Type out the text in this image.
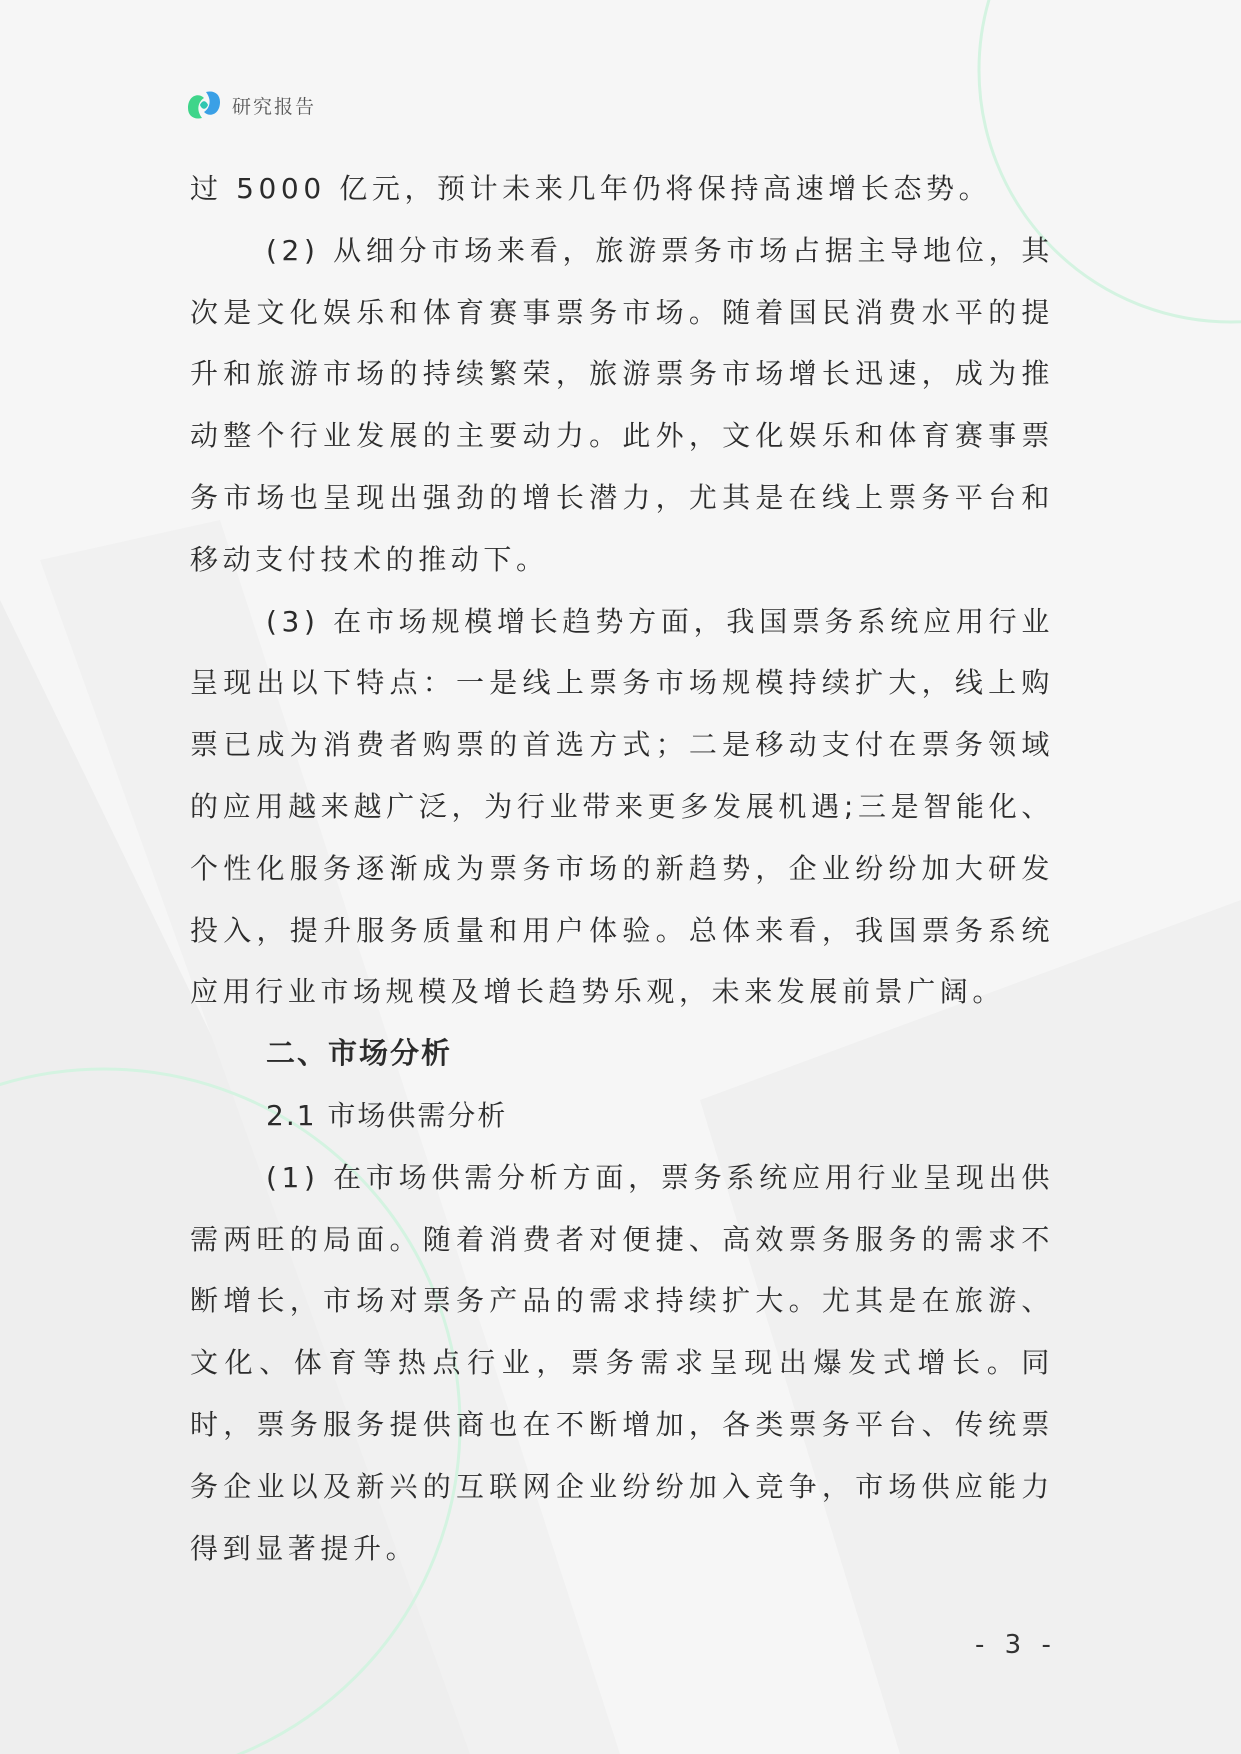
研究报告

过 5000 亿元，预计未来几年仍将保持高速增长态势。

(2) 从细分市场来看，旅游票务市场占据主导地位，其次是文化娱乐和体育赛事票务市场。随着国民消费水平的提升和旅游市场的持续繁荣，旅游票务市场增长迅速，成为推动整个行业发展的主要动力。此外，文化娱乐和体育赛事票务市场也呈现出强劲的增长潜力，尤其是在线上票务平台和移动支付技术的推动下。

(3) 在市场规模增长趋势方面，我国票务系统应用行业呈现出以下特点：一是线上票务市场规模持续扩大，线上购票已成为消费者购票的首选方式；二是移动支付在票务领域的应用越来越广泛，为行业带来更多发展机遇;三是智能化、个性化服务逐渐成为票务市场的新趋势，企业纷纷加大研发投入，提升服务质量和用户体验。总体来看，我国票务系统应用行业市场规模及增长趋势乐观，未来发展前景广阔。

二、市场分析

2.1 市场供需分析

(1) 在市场供需分析方面，票务系统应用行业呈现出供需两旺的局面。随着消费者对便捷、高效票务服务的需求不断增长，市场对票务产品的需求持续扩大。尤其是在旅游、文化、体育等热点行业，票务需求呈现出爆发式增长。同时，票务服务提供商也在不断增加，各类票务平台、传统票务企业以及新兴的互联网企业纷纷加入竞争，市场供应能力得到显著提升。

- 3 -
